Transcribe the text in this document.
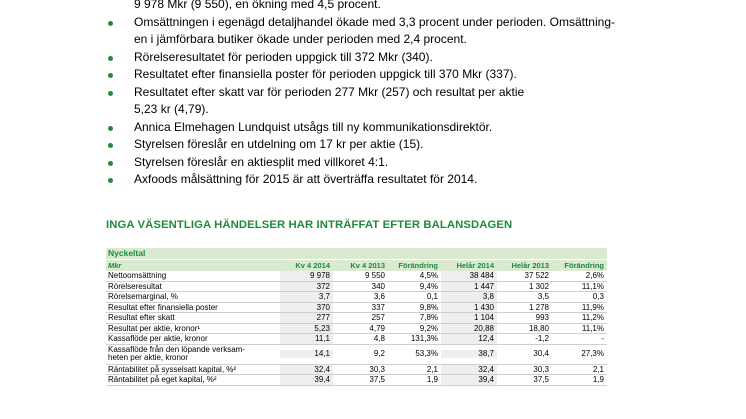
9 978 Mkr (9 550), en ökning med 4,5 procent.
Omsättningen i egenägd detaljhandel ökade med 3,3 procent under perioden. Omsättning-
en i jämförbara butiker ökade under perioden med 2,4 procent.
Rörelseresultatet för perioden uppgick till 372 Mkr (340).
Resultatet efter finansiella poster för perioden uppgick till 370 Mkr (337).
Resultatet efter skatt var för perioden 277 Mkr (257) och resultat per aktie
5,23 kr (4,79).
Annica Elmehagen Lundquist utsågs till ny kommunikationsdirektör.
Styrelsen föreslår en utdelning om 17 kr per aktie (15).
Styrelsen föreslår en aktiesplit med villkoret 4:1.
Axfoods målsättning för 2015 är att överträffa resultatet för 2014.
INGA VÄSENTLIGA HÄNDELSER HAR INTRÄFFAT EFTER BALANSDAGEN
Nyckeltal
Mkr	Kv 4 2014	Kv 4 2013	Förändring	Helår 2014	Helår 2013	Förändring
Nettoomsättning	9 978	9 550	4,5%	38 484	37 522	2,6%
Rörelseresultat	372	340	9,4%	1 447	1 302	11,1%
Rörelsemarginal, %	3,7	3,6	0,1	3,8	3,5	0,3
Resultat efter finansiella poster	370	337	9,8%	1 430	1 278	11,9%
Resultat efter skatt	277	257	7,8%	1 104	993	11,2%
Resultat per aktie, kronor¹	5,23	4,79	9,2%	20,88	18,80	11,1%
Kassaflöde per aktie, kronor	11,1	4,8	131,3%	12,4	-1,2	-
Kassaflöde från den löpande verksam-
heten per aktie, kronor	14,1	9,2	53,3%	38,7	30,4	27,3%
Räntabilitet på sysselsatt kapital, %²	32,4	30,3	2,1	32,4	30,3	2,1
Räntabilitet på eget kapital, %²	39,4	37,5	1,9	39,4	37,5	1,9
